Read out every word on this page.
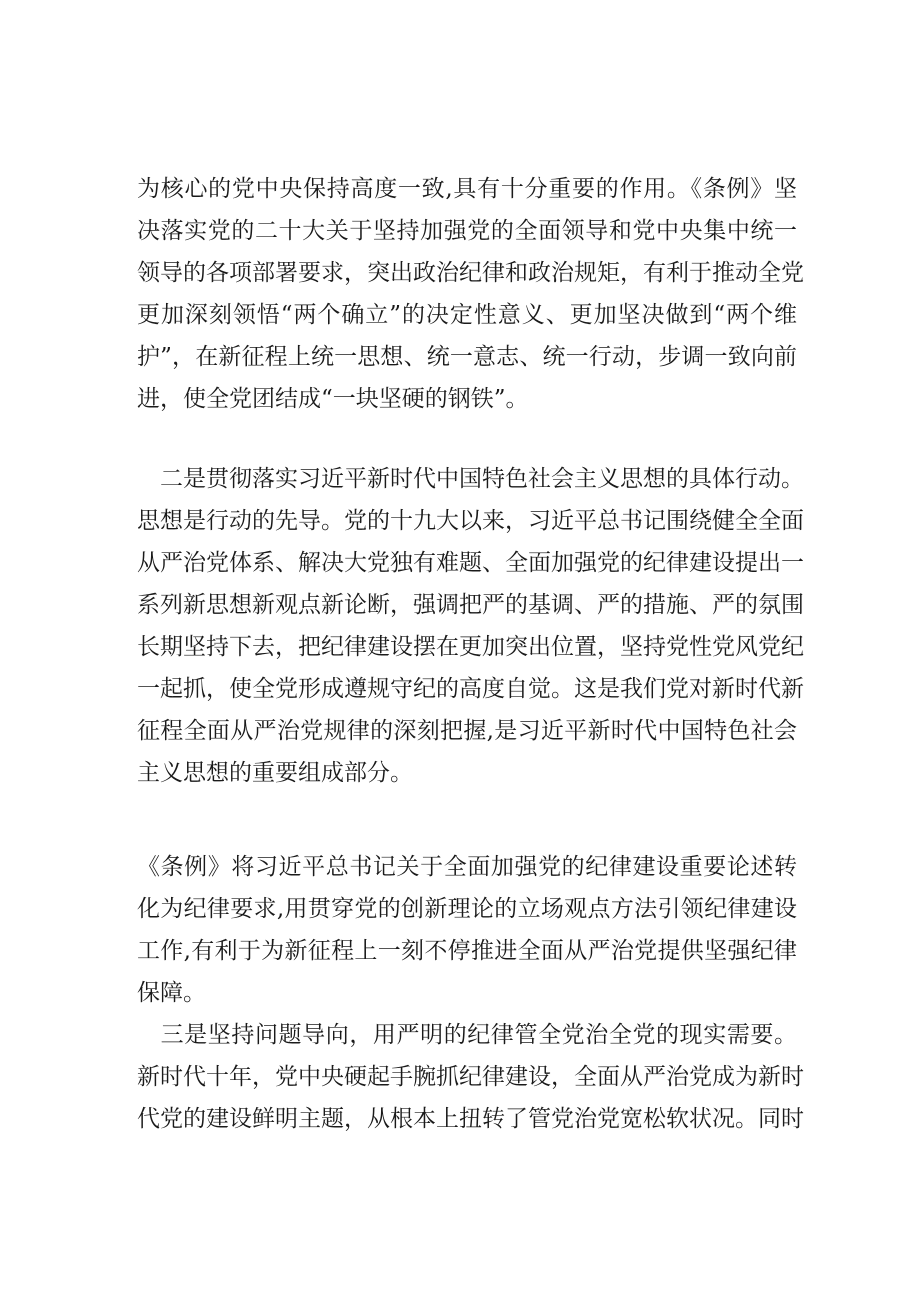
为核心的党中央保持高度一致,具有十分重要的作用。《条例》坚
决落实党的二十大关于坚持加强党的全面领导和党中央集中统一
领导的各项部署要求，突出政治纪律和政治规矩，有利于推动全党
更加深刻领悟“两个确立”的决定性意义、更加坚决做到“两个维
护”，在新征程上统一思想、统一意志、统一行动，步调一致向前
进，使全党团结成“一块坚硬的钢铁”。
　二是贯彻落实习近平新时代中国特色社会主义思想的具体行动。
思想是行动的先导。党的十九大以来，习近平总书记围绕健全全面
从严治党体系、解决大党独有难题、全面加强党的纪律建设提出一
系列新思想新观点新论断，强调把严的基调、严的措施、严的氛围
长期坚持下去，把纪律建设摆在更加突出位置，坚持党性党风党纪
一起抓，使全党形成遵规守纪的高度自觉。这是我们党对新时代新
征程全面从严治党规律的深刻把握,是习近平新时代中国特色社会
主义思想的重要组成部分。
《条例》将习近平总书记关于全面加强党的纪律建设重要论述转
化为纪律要求,用贯穿党的创新理论的立场观点方法引领纪律建设
工作,有利于为新征程上一刻不停推进全面从严治党提供坚强纪律
保障。
　三是坚持问题导向，用严明的纪律管全党治全党的现实需要。
新时代十年，党中央硬起手腕抓纪律建设，全面从严治党成为新时
代党的建设鲜明主题，从根本上扭转了管党治党宽松软状况。同时
